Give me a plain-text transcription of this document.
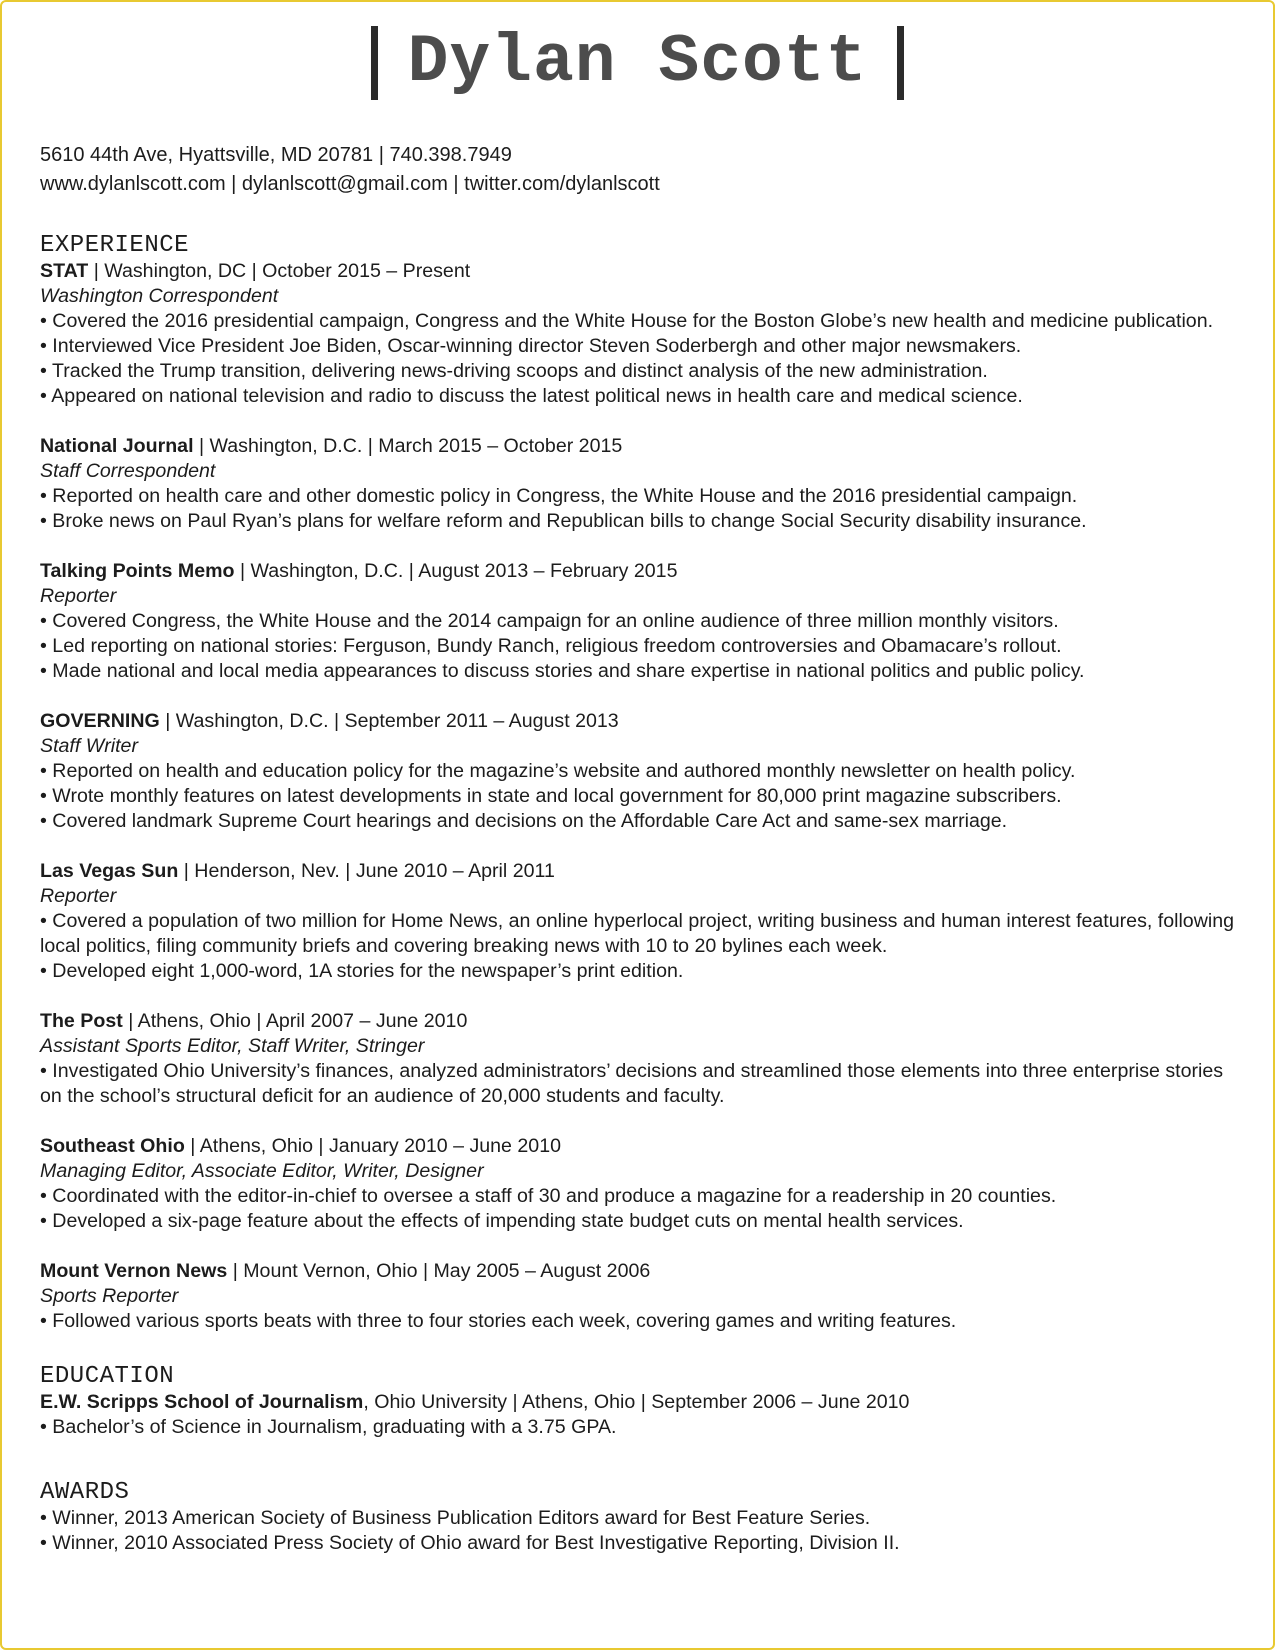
Dylan Scott
5610 44th Ave, Hyattsville, MD 20781 | 740.398.7949
www.dylanlscott.com | dylanlscott@gmail.com | twitter.com/dylanlscott
EXPERIENCE
STAT | Washington, DC | October 2015 – Present
Washington Correspondent
• Covered the 2016 presidential campaign, Congress and the White House for the Boston Globe’s new health and medicine publication.
• Interviewed Vice President Joe Biden, Oscar-winning director Steven Soderbergh and other major newsmakers.
• Tracked the Trump transition, delivering news-driving scoops and distinct analysis of the new administration.
• Appeared on national television and radio to discuss the latest political news in health care and medical science.
National Journal | Washington, D.C. | March 2015 – October 2015
Staff Correspondent
• Reported on health care and other domestic policy in Congress, the White House and the 2016 presidential campaign.
• Broke news on Paul Ryan’s plans for welfare reform and Republican bills to change Social Security disability insurance.
Talking Points Memo | Washington, D.C. | August 2013 – February 2015
Reporter
• Covered Congress, the White House and the 2014 campaign for an online audience of three million monthly visitors.
• Led reporting on national stories: Ferguson, Bundy Ranch, religious freedom controversies and Obamacare’s rollout.
• Made national and local media appearances to discuss stories and share expertise in national politics and public policy.
GOVERNING | Washington, D.C. | September 2011 – August 2013
Staff Writer
• Reported on health and education policy for the magazine’s website and authored monthly newsletter on health policy.
• Wrote monthly features on latest developments in state and local government for 80,000 print magazine subscribers.
• Covered landmark Supreme Court hearings and decisions on the Affordable Care Act and same-sex marriage.
Las Vegas Sun | Henderson, Nev. | June 2010 – April 2011
Reporter
• Covered a population of two million for Home News, an online hyperlocal project, writing business and human interest features, following local politics, filing community briefs and covering breaking news with 10 to 20 bylines each week.
• Developed eight 1,000-word, 1A stories for the newspaper’s print edition.
The Post | Athens, Ohio | April 2007 – June 2010
Assistant Sports Editor, Staff Writer, Stringer
• Investigated Ohio University’s finances, analyzed administrators’ decisions and streamlined those elements into three enterprise stories on the school’s structural deficit for an audience of 20,000 students and faculty.
Southeast Ohio | Athens, Ohio | January 2010 – June 2010
Managing Editor, Associate Editor, Writer, Designer
• Coordinated with the editor-in-chief to oversee a staff of 30 and produce a magazine for a readership in 20 counties.
• Developed a six-page feature about the effects of impending state budget cuts on mental health services.
Mount Vernon News | Mount Vernon, Ohio | May 2005 – August 2006
Sports Reporter
• Followed various sports beats with three to four stories each week, covering games and writing features.
EDUCATION
E.W. Scripps School of Journalism, Ohio University | Athens, Ohio | September 2006 – June 2010
• Bachelor’s of Science in Journalism, graduating with a 3.75 GPA.
AWARDS
• Winner, 2013 American Society of Business Publication Editors award for Best Feature Series.
• Winner, 2010 Associated Press Society of Ohio award for Best Investigative Reporting, Division II.
